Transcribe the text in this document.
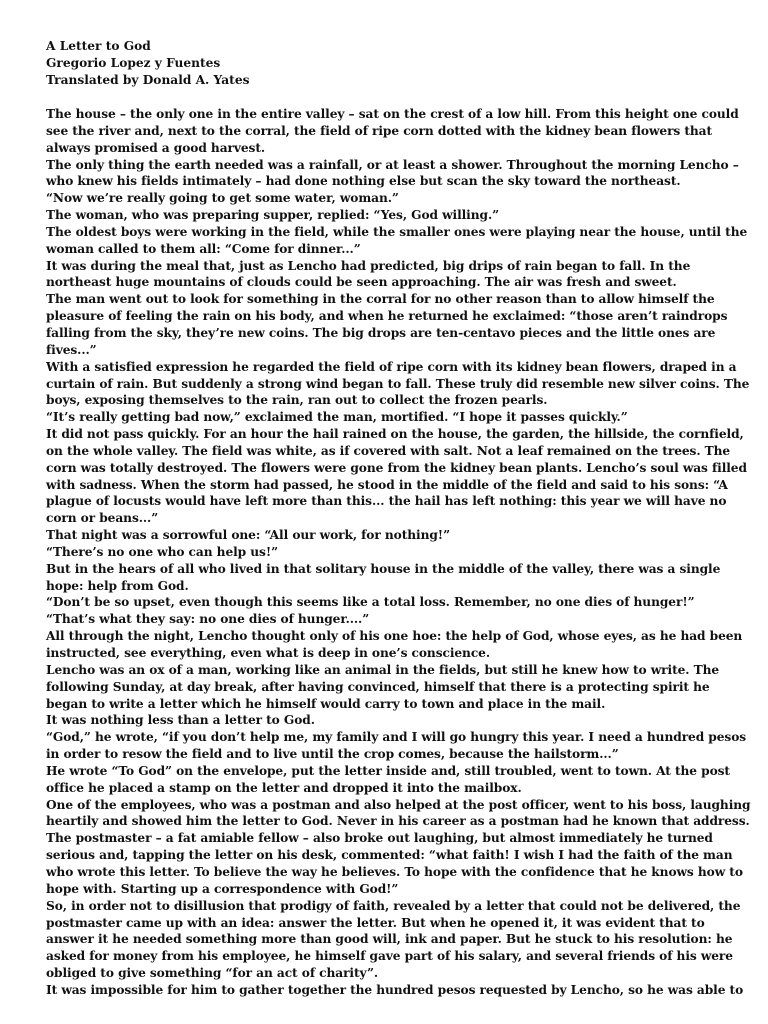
A Letter to God

Gregorio Lopez y Fuentes

Translated by Donald A. Yates

The house – the only one in the entire valley – sat on the crest of a low hill. From this height one could see the river and, next to the corral, the field of ripe corn dotted with the kidney bean flowers that always promised a good harvest.

The only thing the earth needed was a rainfall, or at least a shower. Throughout the morning Lencho – who knew his fields intimately – had done nothing else but scan the sky toward the northeast.

“Now we’re really going to get some water, woman.”

The woman, who was preparing supper, replied: “Yes, God willing.”

The oldest boys were working in the field, while the smaller ones were playing near the house, until the woman called to them all: “Come for dinner...”

It was during the meal that, just as Lencho had predicted, big drips of rain began to fall. In the northeast huge mountains of clouds could be seen approaching. The air was fresh and sweet.

The man went out to look for something in the corral for no other reason than to allow himself the pleasure of feeling the rain on his body, and when he returned he exclaimed: “those aren’t raindrops falling from the sky, they’re new coins. The big drops are ten-centavo pieces and the little ones are fives...”

With a satisfied expression he regarded the field of ripe corn with its kidney bean flowers, draped in a curtain of rain. But suddenly a strong wind began to fall. These truly did resemble new silver coins. The boys, exposing themselves to the rain, ran out to collect the frozen pearls.

“It’s really getting bad now,” exclaimed the man, mortified. “I hope it passes quickly.”

It did not pass quickly. For an hour the hail rained on the house, the garden, the hillside, the cornfield, on the whole valley. The field was white, as if covered with salt. Not a leaf remained on the trees. The corn was totally destroyed. The flowers were gone from the kidney bean plants. Lencho’s soul was filled with sadness. When the storm had passed, he stood in the middle of the field and said to his sons: “A plague of locusts would have left more than this... the hail has left nothing: this year we will have no corn or beans...”

That night was a sorrowful one: “All our work, for nothing!”

“There’s no one who can help us!”

But in the hears of all who lived in that solitary house in the middle of the valley, there was a single hope: help from God.

“Don’t be so upset, even though this seems like a total loss. Remember, no one dies of hunger!”

“That’s what they say: no one dies of hunger....”

All through the night, Lencho thought only of his one hoe: the help of God, whose eyes, as he had been instructed, see everything, even what is deep in one’s conscience.

Lencho was an ox of a man, working like an animal in the fields, but still he knew how to write. The following Sunday, at day break, after having convinced, himself that there is a protecting spirit he began to write a letter which he himself would carry to town and place in the mail.

It was nothing less than a letter to God.

“God,” he wrote, “if you don’t help me, my family and I will go hungry this year. I need a hundred pesos in order to resow the field and to live until the crop comes, because the hailstorm...”

He wrote “To God” on the envelope, put the letter inside and, still troubled, went to town. At the post office he placed a stamp on the letter and dropped it into the mailbox.

One of the employees, who was a postman and also helped at the post officer, went to his boss, laughing heartily and showed him the letter to God. Never in his career as a postman had he known that address.

The postmaster – a fat amiable fellow – also broke out laughing, but almost immediately he turned serious and, tapping the letter on his desk, commented: “what faith! I wish I had the faith of the man who wrote this letter. To believe the way he believes. To hope with the confidence that he knows how to hope with. Starting up a correspondence with God!”

So, in order not to disillusion that prodigy of faith, revealed by a letter that could not be delivered, the postmaster came up with an idea: answer the letter. But when he opened it, it was evident that to answer it he needed something more than good will, ink and paper. But he stuck to his resolution: he asked for money from his employee, he himself gave part of his salary, and several friends of his were obliged to give something “for an act of charity”.

It was impossible for him to gather together the hundred pesos requested by Lencho, so he was able to
